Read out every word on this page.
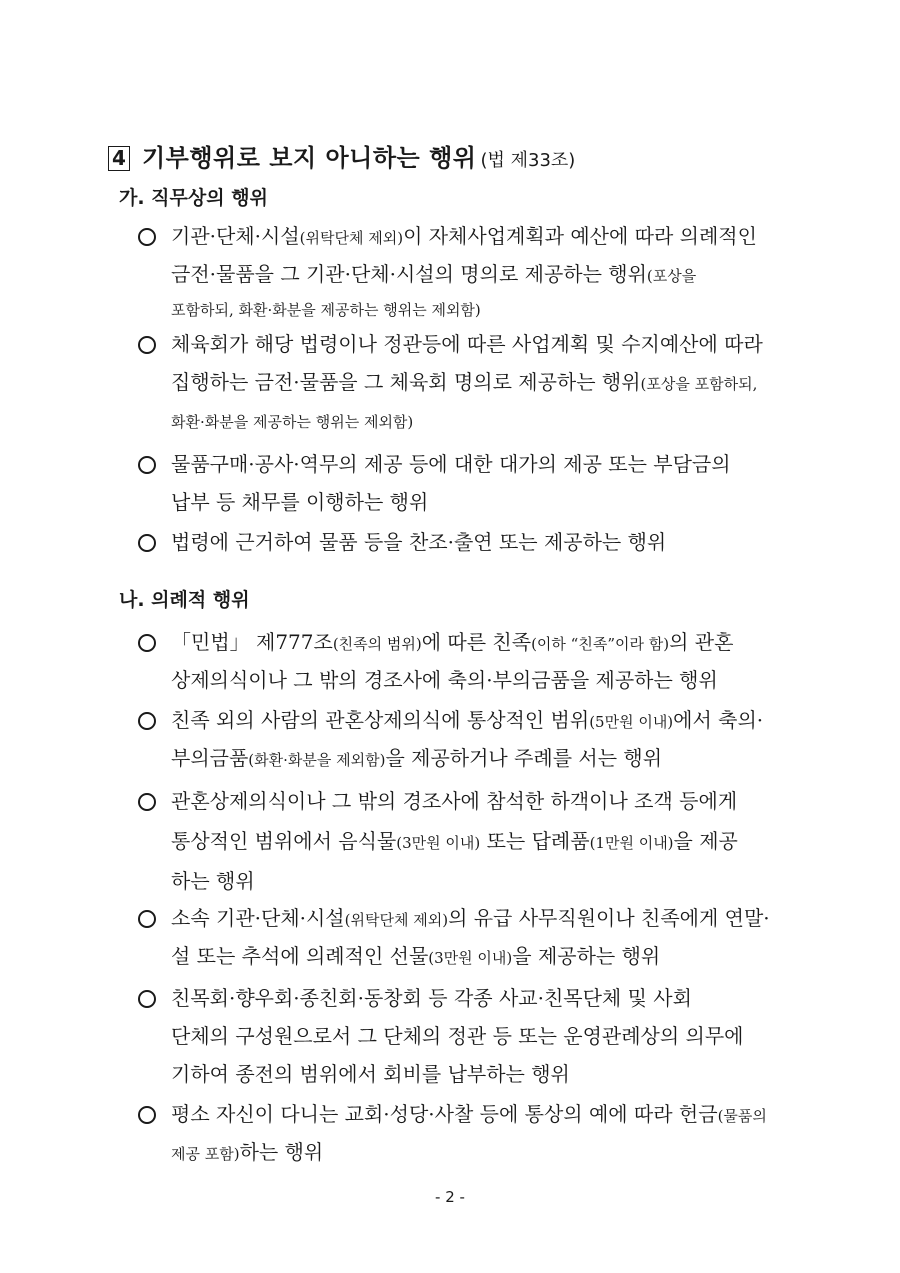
4 기부행위로 보지 아니하는 행위 (법 제33조)
가. 직무상의 행위
기관·단체·시설(위탁단체 제외)이 자체사업계획과 예산에 따라 의례적인
금전·물품을 그 기관·단체·시설의 명의로 제공하는 행위(포상을
포함하되, 화환·화분을 제공하는 행위는 제외함)
체육회가 해당 법령이나 정관등에 따른 사업계획 및 수지예산에 따라
집행하는 금전·물품을 그 체육회 명의로 제공하는 행위(포상을 포함하되,
화환·화분을 제공하는 행위는 제외함)
물품구매·공사·역무의 제공 등에 대한 대가의 제공 또는 부담금의
납부 등 채무를 이행하는 행위
법령에 근거하여 물품 등을 찬조·출연 또는 제공하는 행위
나. 의례적 행위
「민법」 제777조(친족의 범위)에 따른 친족(이하 “친족”이라 함)의 관혼
상제의식이나 그 밖의 경조사에 축의·부의금품을 제공하는 행위
친족 외의 사람의 관혼상제의식에 통상적인 범위(5만원 이내)에서 축의·
부의금품(화환·화분을 제외함)을 제공하거나 주례를 서는 행위
관혼상제의식이나 그 밖의 경조사에 참석한 하객이나 조객 등에게
통상적인 범위에서 음식물(3만원 이내) 또는 답례품(1만원 이내)을 제공
하는 행위
소속 기관·단체·시설(위탁단체 제외)의 유급 사무직원이나 친족에게 연말·
설 또는 추석에 의례적인 선물(3만원 이내)을 제공하는 행위
친목회·향우회·종친회·동창회 등 각종 사교·친목단체 및 사회
단체의 구성원으로서 그 단체의 정관 등 또는 운영관례상의 의무에
기하여 종전의 범위에서 회비를 납부하는 행위
평소 자신이 다니는 교회·성당·사찰 등에 통상의 예에 따라 헌금(물품의
제공 포함)하는 행위
- 2 -
